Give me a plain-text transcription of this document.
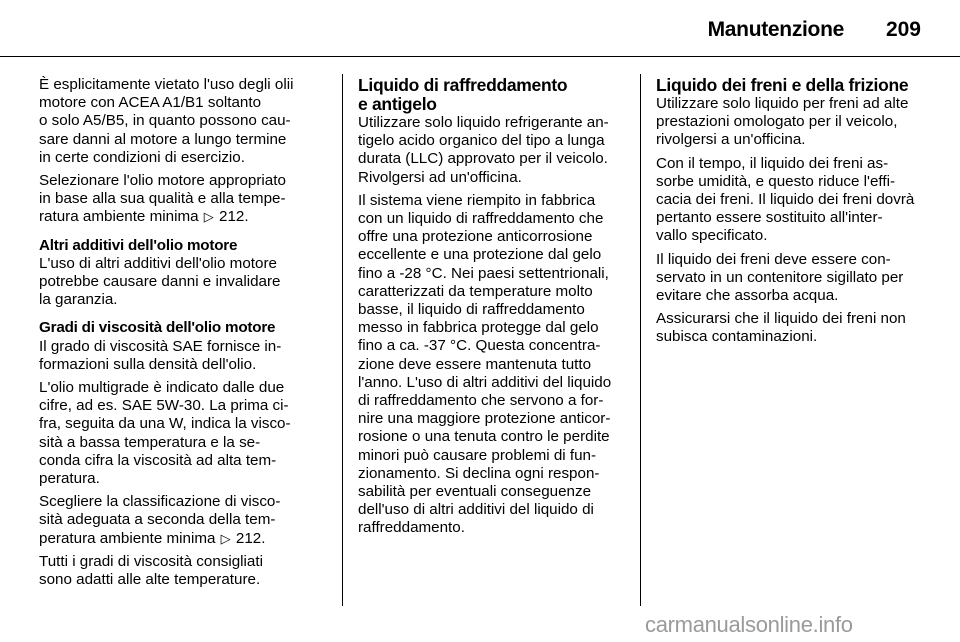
Manutenzione 209
È esplicitamente vietato l'uso degli olii
motore con ACEA A1/B1 soltanto
o solo A5/B5, in quanto possono cau-
sare danni al motore a lungo termine
in certe condizioni di esercizio.
Selezionare l'olio motore appropriato
in base alla sua qualità e alla tempe-
ratura ambiente minima ▷ 212.
Altri additivi dell'olio motore
L'uso di altri additivi dell'olio motore
potrebbe causare danni e invalidare
la garanzia.
Gradi di viscosità dell'olio motore
Il grado di viscosità SAE fornisce in-
formazioni sulla densità dell'olio.
L'olio multigrade è indicato dalle due
cifre, ad es. SAE 5W-30. La prima ci-
fra, seguita da una W, indica la visco-
sità a bassa temperatura e la se-
conda cifra la viscosità ad alta tem-
peratura.
Scegliere la classificazione di visco-
sità adeguata a seconda della tem-
peratura ambiente minima ▷ 212.
Tutti i gradi di viscosità consigliati
sono adatti alle alte temperature.
Liquido di raffreddamento
e antigelo
Utilizzare solo liquido refrigerante an-
tigelo acido organico del tipo a lunga
durata (LLC) approvato per il veicolo.
Rivolgersi ad un'officina.
Il sistema viene riempito in fabbrica
con un liquido di raffreddamento che
offre una protezione anticorrosione
eccellente e una protezione dal gelo
fino a -28 °C. Nei paesi settentrionali,
caratterizzati da temperature molto
basse, il liquido di raffreddamento
messo in fabbrica protegge dal gelo
fino a ca. -37 °C. Questa concentra-
zione deve essere mantenuta tutto
l'anno. L'uso di altri additivi del liquido
di raffreddamento che servono a for-
nire una maggiore protezione anticor-
rosione o una tenuta contro le perdite
minori può causare problemi di fun-
zionamento. Si declina ogni respon-
sabilità per eventuali conseguenze
dell'uso di altri additivi del liquido di
raffreddamento.
Liquido dei freni e della frizione
Utilizzare solo liquido per freni ad alte
prestazioni omologato per il veicolo,
rivolgersi a un'officina.
Con il tempo, il liquido dei freni as-
sorbe umidità, e questo riduce l'effi-
cacia dei freni. Il liquido dei freni dovrà
pertanto essere sostituito all'inter-
vallo specificato.
Il liquido dei freni deve essere con-
servato in un contenitore sigillato per
evitare che assorba acqua.
Assicurarsi che il liquido dei freni non
subisca contaminazioni.
carmanualsonline.info
